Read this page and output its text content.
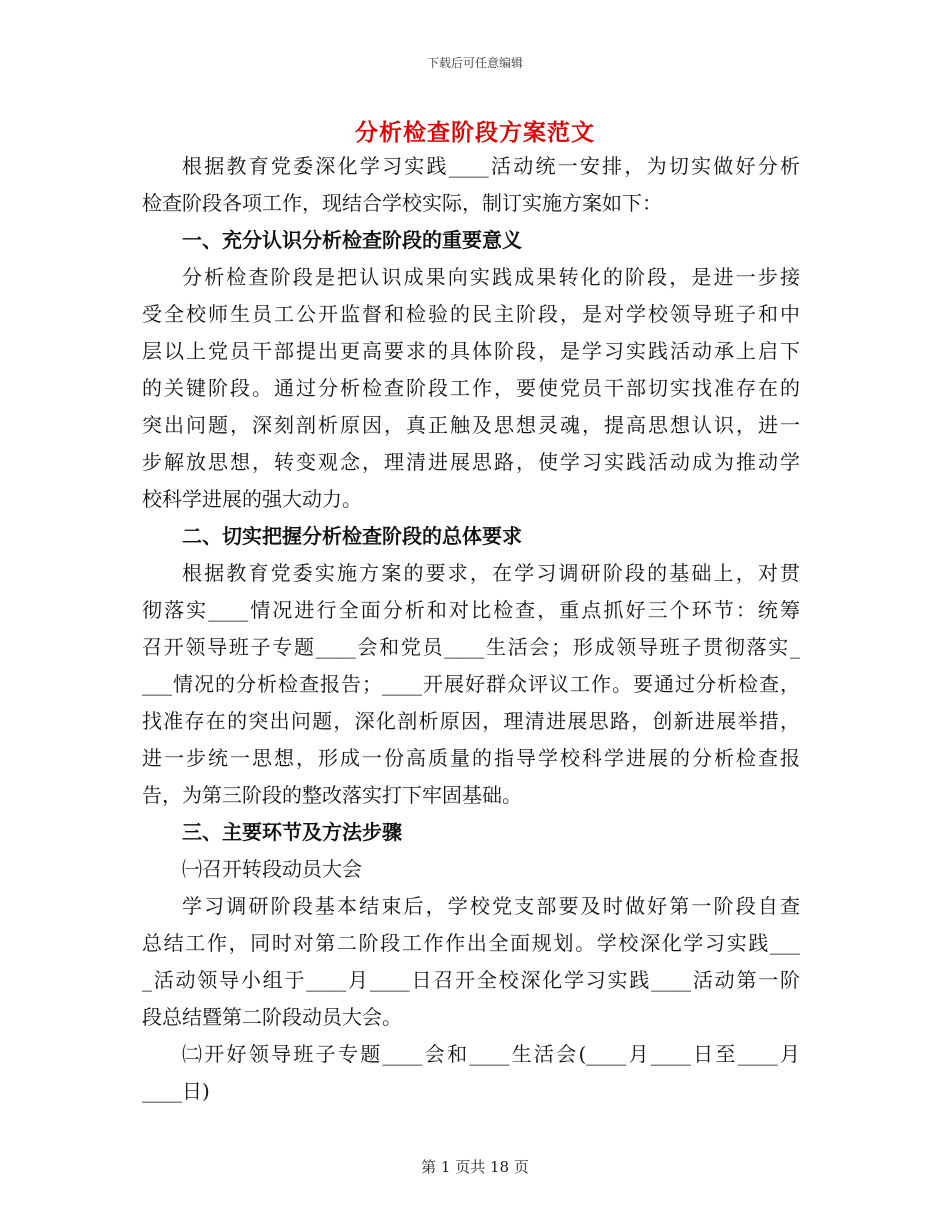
下载后可任意编辑
分析检查阶段方案范文
根据教育党委深化学习实践____活动统一安排，为切实做好分析
检查阶段各项工作，现结合学校实际，制订实施方案如下：
一、充分认识分析检查阶段的重要意义
分析检查阶段是把认识成果向实践成果转化的阶段，是进一步接
受全校师生员工公开监督和检验的民主阶段，是对学校领导班子和中
层以上党员干部提出更高要求的具体阶段，是学习实践活动承上启下
的关键阶段。通过分析检查阶段工作，要使党员干部切实找准存在的
突出问题，深刻剖析原因，真正触及思想灵魂，提高思想认识，进一
步解放思想，转变观念，理清进展思路，使学习实践活动成为推动学
校科学进展的强大动力。
二、切实把握分析检查阶段的总体要求
根据教育党委实施方案的要求，在学习调研阶段的基础上，对贯
彻落实____情况进行全面分析和对比检查，重点抓好三个环节：统筹
召开领导班子专题____会和党员____生活会；形成领导班子贯彻落实_
___情况的分析检查报告；____开展好群众评议工作。要通过分析检查，
找准存在的突出问题，深化剖析原因，理清进展思路，创新进展举措，
进一步统一思想，形成一份高质量的指导学校科学进展的分析检查报
告，为第三阶段的整改落实打下牢固基础。
三、主要环节及方法步骤
㈠召开转段动员大会
学习调研阶段基本结束后，学校党支部要及时做好第一阶段自查
总结工作，同时对第二阶段工作作出全面规划。学校深化学习实践___
_活动领导小组于____月____日召开全校深化学习实践____活动第一阶
段总结暨第二阶段动员大会。
㈡开好领导班子专题____会和____生活会(____月____日至____月
____日)
第 1 页共 18 页
